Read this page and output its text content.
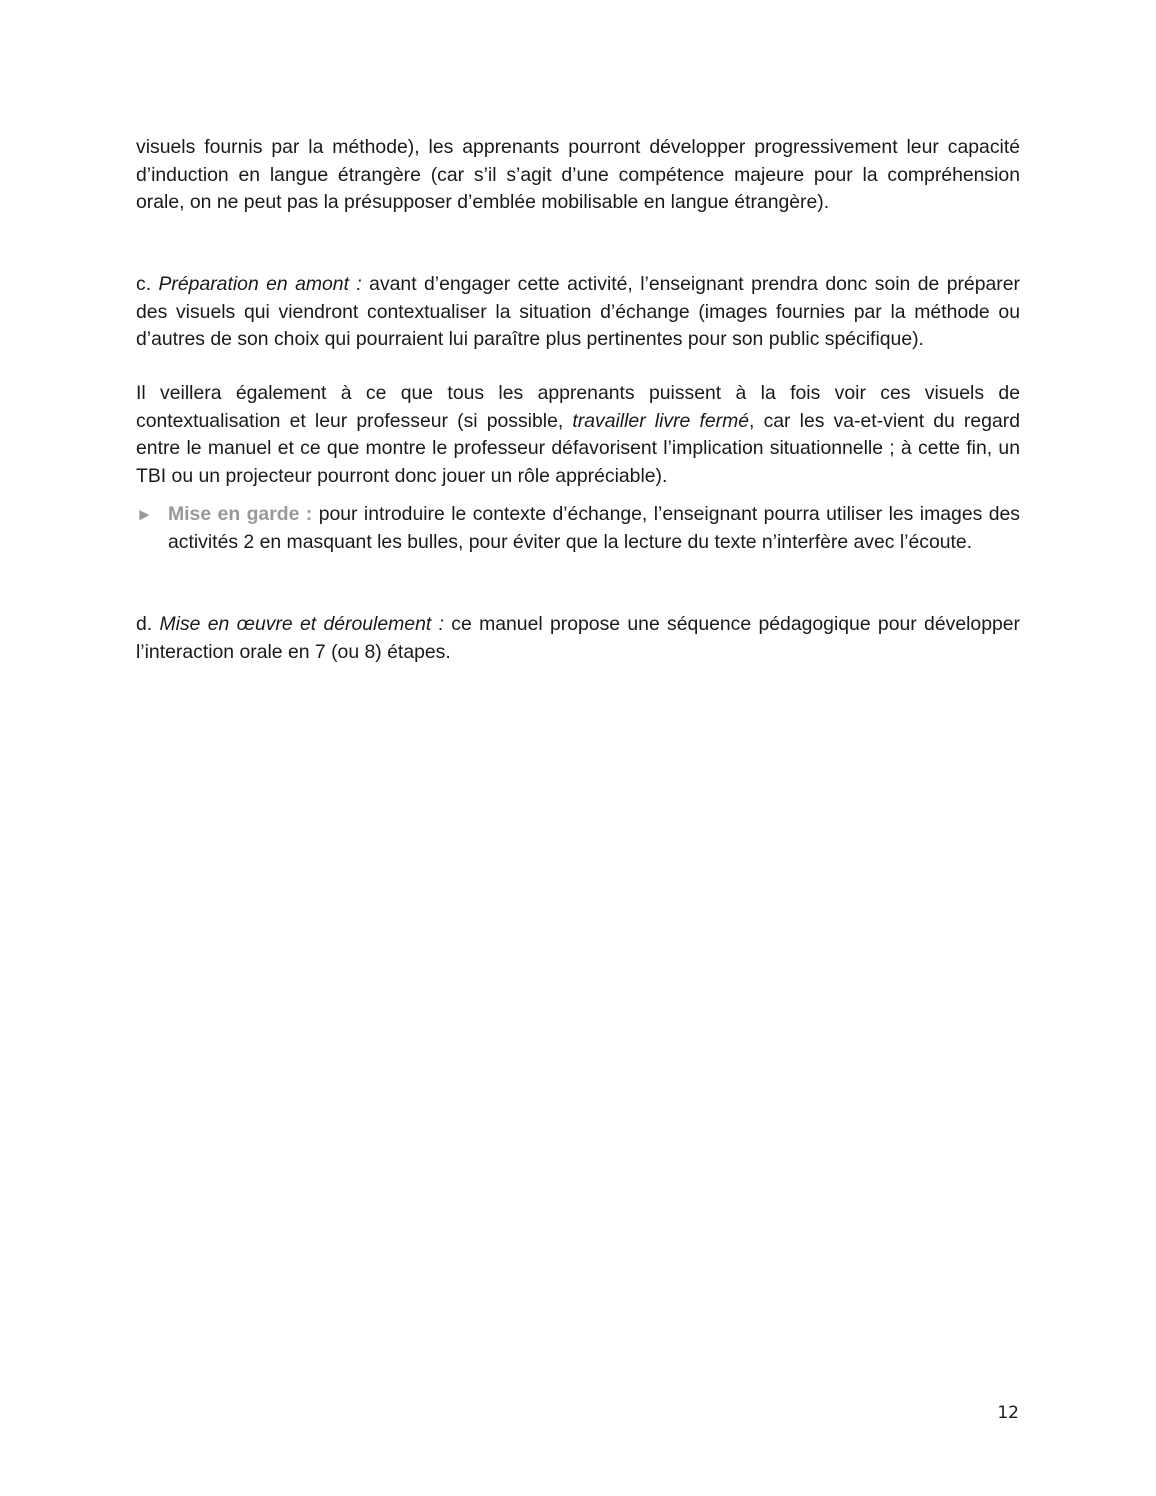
visuels fournis par la méthode), les apprenants pourront développer progressivement leur capacité d’induction en langue étrangère (car s’il s’agit d’une compétence majeure pour la compréhension orale, on ne peut pas la présupposer d’emblée mobilisable en langue étrangère).

c. Préparation en amont : avant d’engager cette activité, l’enseignant prendra donc soin de préparer des visuels qui viendront contextualiser la situation d’échange (images fournies par la méthode ou d’autres de son choix qui pourraient lui paraître plus pertinentes pour son public spécifique).

Il veillera également à ce que tous les apprenants puissent à la fois voir ces visuels de contextualisation et leur professeur (si possible, travailler livre fermé, car les va-et-vient du regard entre le manuel et ce que montre le professeur défavorisent l’implication situationnelle ; à cette fin, un TBI ou un projecteur pourront donc jouer un rôle appréciable).

► Mise en garde : pour introduire le contexte d’échange, l’enseignant pourra utiliser les images des activités 2 en masquant les bulles, pour éviter que la lecture du texte n’interfère avec l’écoute.

d. Mise en œuvre et déroulement : ce manuel propose une séquence pédagogique pour développer l’interaction orale en 7 (ou 8) étapes.

12
